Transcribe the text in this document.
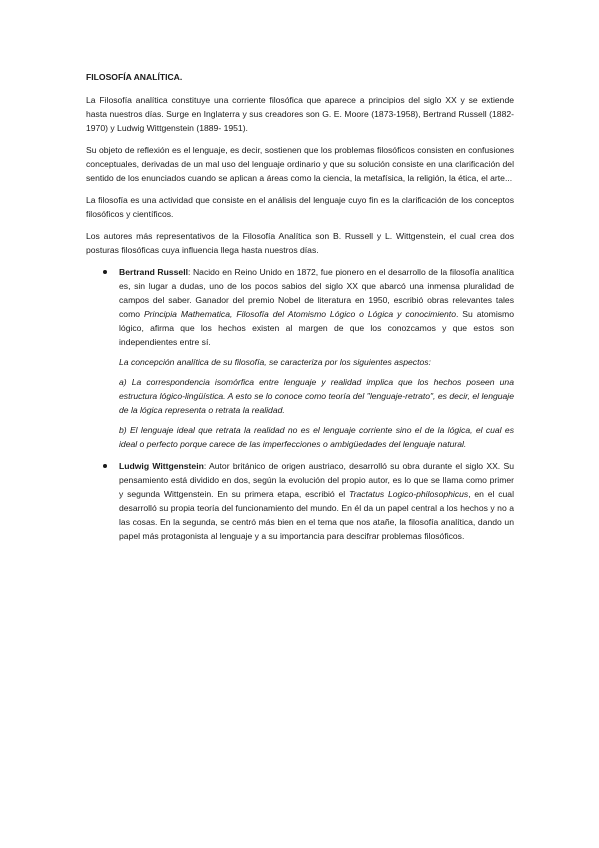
FILOSOFÍA ANALÍTICA.

La Filosofía analítica constituye una corriente filosófica que aparece a principios del siglo XX y se extiende hasta nuestros días. Surge en Inglaterra y sus creadores son G. E. Moore (1873-1958), Bertrand Russell (1882-1970) y Ludwig Wittgenstein (1889- 1951).

Su objeto de reflexión es el lenguaje, es decir, sostienen que los problemas filosóficos consisten en confusiones conceptuales, derivadas de un mal uso del lenguaje ordinario y que su solución consiste en una clarificación del sentido de los enunciados cuando se aplican a áreas como la ciencia, la metafísica, la religión, la ética, el arte...

La filosofía es una actividad que consiste en el análisis del lenguaje cuyo fin es la clarificación de los conceptos filosóficos y científicos.

Los autores más representativos de la Filosofía Analítica son B. Russell y L. Wittgenstein, el cual crea dos posturas filosóficas cuya influencia llega hasta nuestros días.

Bertrand Russell: Nacido en Reino Unido en 1872, fue pionero en el desarrollo de la filosofía analítica es, sin lugar a dudas, uno de los pocos sabios del siglo XX que abarcó una inmensa pluralidad de campos del saber. Ganador del premio Nobel de literatura en 1950, escribió obras relevantes tales como Principia Mathematica, Filosofía del Atomismo Lógico o Lógica y conocimiento. Su atomismo lógico, afirma que los hechos existen al margen de que los conozcamos y que estos son independientes entre sí.
La concepción analítica de su filosofía, se caracteriza por los siguientes aspectos:
a) La correspondencia isomórfica entre lenguaje y realidad implica que los hechos poseen una estructura lógico-lingüística. A esto se lo conoce como teoría del "lenguaje-retrato", es decir, el lenguaje de la lógica representa o retrata la realidad.
b) El lenguaje ideal que retrata la realidad no es el lenguaje corriente sino el de la lógica, el cual es ideal o perfecto porque carece de las imperfecciones o ambigüedades del lenguaje natural.
Ludwig Wittgenstein: Autor británico de origen austriaco, desarrolló su obra durante el siglo XX. Su pensamiento está dividido en dos, según la evolución del propio autor, es lo que se llama como primer y segunda Wittgenstein. En su primera etapa, escribió el Tractatus Logico-philosophicus, en el cual desarrolló su propia teoría del funcionamiento del mundo. En él da un papel central a los hechos y no a las cosas. En la segunda, se centró más bien en el tema que nos atañe, la filosofía analítica, dando un papel más protagonista al lenguaje y a su importancia para descifrar problemas filosóficos.
